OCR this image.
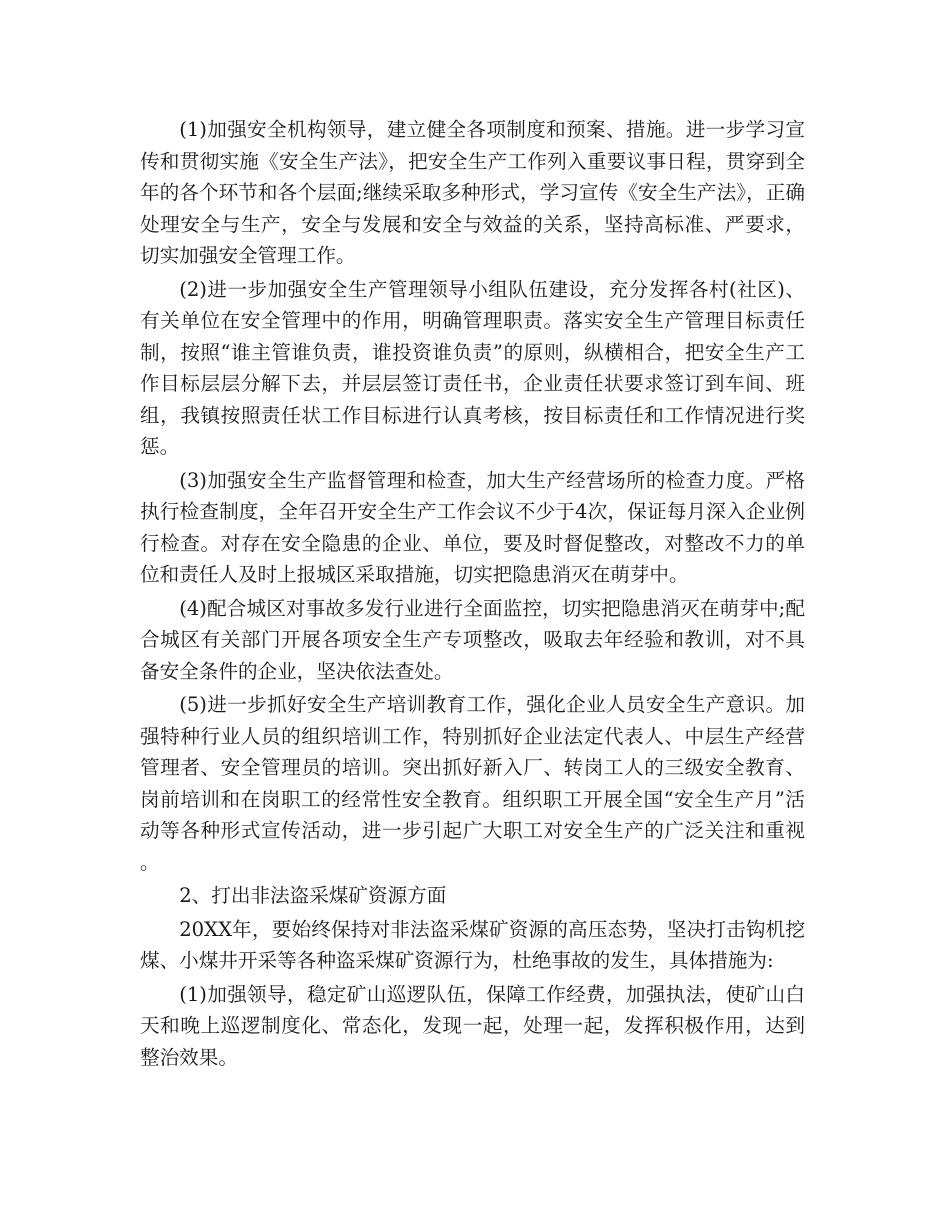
(1)加强安全机构领导，建立健全各项制度和预案、措施。进一步学习宣传和贯彻实施《安全生产法》，把安全生产工作列入重要议事日程，贯穿到全年的各个环节和各个层面;继续采取多种形式，学习宣传《安全生产法》，正确处理安全与生产，安全与发展和安全与效益的关系，坚持高标准、严要求，切实加强安全管理工作。

(2)进一步加强安全生产管理领导小组队伍建设，充分发挥各村(社区)、有关单位在安全管理中的作用，明确管理职责。落实安全生产管理目标责任制，按照“谁主管谁负责，谁投资谁负责”的原则，纵横相合，把安全生产工作目标层层分解下去，并层层签订责任书，企业责任状要求签订到车间、班组，我镇按照责任状工作目标进行认真考核，按目标责任和工作情况进行奖惩。

(3)加强安全生产监督管理和检查，加大生产经营场所的检查力度。严格执行检查制度，全年召开安全生产工作会议不少于4次，保证每月深入企业例行检查。对存在安全隐患的企业、单位，要及时督促整改，对整改不力的单位和责任人及时上报城区采取措施，切实把隐患消灭在萌芽中。

(4)配合城区对事故多发行业进行全面监控，切实把隐患消灭在萌芽中;配合城区有关部门开展各项安全生产专项整改，吸取去年经验和教训，对不具备安全条件的企业，坚决依法查处。

(5)进一步抓好安全生产培训教育工作，强化企业人员安全生产意识。加强特种行业人员的组织培训工作，特别抓好企业法定代表人、中层生产经营管理者、安全管理员的培训。突出抓好新入厂、转岗工人的三级安全教育、岗前培训和在岗职工的经常性安全教育。组织职工开展全国“安全生产月”活动等各种形式宣传活动，进一步引起广大职工对安全生产的广泛关注和重视。

2、打出非法盗采煤矿资源方面

20XX年，要始终保持对非法盗采煤矿资源的高压态势，坚决打击钩机挖煤、小煤井开采等各种盗采煤矿资源行为，杜绝事故的发生，具体措施为:

(1)加强领导，稳定矿山巡逻队伍，保障工作经费，加强执法，使矿山白天和晚上巡逻制度化、常态化，发现一起，处理一起，发挥积极作用，达到整治效果。
